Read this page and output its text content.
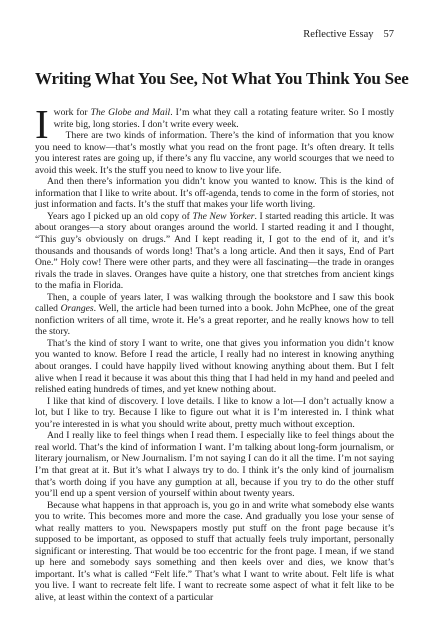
Reflective Essay 57
Writing What You See, Not What You Think You See

Iwork for The Globe and Mail. I’m what they call a rotating feature writer. So I mostly write big, long stories. I don’t write every week.

There are two kinds of information. There’s the kind of information that you know you need to know—that’s mostly what you read on the front page. It’s often dreary. It tells you interest rates are going up, if there’s any flu vaccine, any world scourges that we need to avoid this week. It’s the stuff you need to know to live your life.

And then there’s information you didn’t know you wanted to know. This is the kind of information that I like to write about. It’s off-agenda, tends to come in the form of stories, not just information and facts. It’s the stuff that makes your life worth living.

Years ago I picked up an old copy of The New Yorker. I started reading this article. It was about oranges—a story about oranges around the world. I started reading it and I thought, “This guy’s obviously on drugs.” And I kept reading it, I got to the end of it, and it’s thousands and thousands of words long! That’s a long article. And then it says, End of Part One.” Holy cow! There were other parts, and they were all fascinating—the trade in oranges rivals the trade in slaves. Oranges have quite a history, one that stretches from ancient kings to the mafia in Florida.

Then, a couple of years later, I was walking through the bookstore and I saw this book called Oranges. Well, the article had been turned into a book. John McPhee, one of the great nonfiction writers of all time, wrote it. He’s a great reporter, and he really knows how to tell the story.

That’s the kind of story I want to write, one that gives you information you didn’t know you wanted to know. Before I read the article, I really had no interest in knowing anything about oranges. I could have happily lived without knowing anything about them. But I felt alive when I read it because it was about this thing that I had held in my hand and peeled and relished eating hundreds of times, and yet knew nothing about.

I like that kind of discovery. I love details. I like to know a lot—I don’t actually know a lot, but I like to try. Because I like to figure out what it is I’m interested in. I think what you’re interested in is what you should write about, pretty much without exception.

And I really like to feel things when I read them. I especially like to feel things about the real world. That’s the kind of information I want. I’m talking about long-form journalism, or literary journalism, or New Journalism. I’m not saying I can do it all the time. I’m not saying I’m that great at it. But it’s what I always try to do. I think it’s the only kind of journalism that’s worth doing if you have any gumption at all, because if you try to do the other stuff you’ll end up a spent version of yourself within about twenty years.

Because what happens in that approach is, you go in and write what somebody else wants you to write. This becomes more and more the case. And gradually you lose your sense of what really matters to you. Newspapers mostly put stuff on the front page because it’s supposed to be important, as opposed to stuff that actually feels truly important, personally significant or interesting. That would be too eccentric for the front page. I mean, if we stand up here and somebody says something and then keels over and dies, we know that’s important. It’s what is called “Felt life.” That’s what I want to write about. Felt life is what you live. I want to recreate felt life. I want to recreate some aspect of what it felt like to be alive, at least within the context of a particular
